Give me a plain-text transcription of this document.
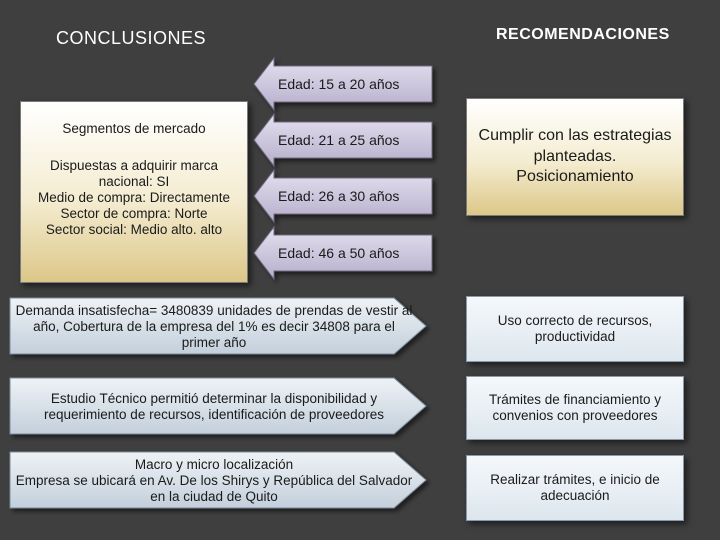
CONCLUSIONES	RECOMENDACIONES
Edad: 15 a 20 años
Edad: 21 a 25 años
Edad: 26 a 30 años
Edad: 46 a 50 años
Segmentos de mercado
Dispuestas a adquirir marca nacional: SI
Medio de compra: Directamente
Sector de compra: Norte
Sector social: Medio alto. alto
Cumplir con las estrategias planteadas. Posicionamiento
Demanda insatisfecha= 3480839 unidades de prendas de vestir al año, Cobertura de la empresa del 1% es decir 34808 para el primer año
Estudio Técnico permitió determinar la disponibilidad y requerimiento de recursos, identificación de proveedores
Macro y micro localización
Empresa se ubicará en Av. De los Shirys y República del Salvador en la ciudad de Quito
Uso correcto de recursos, productividad
Trámites de financiamiento y convenios con proveedores
Realizar trámites, e inicio de adecuación
